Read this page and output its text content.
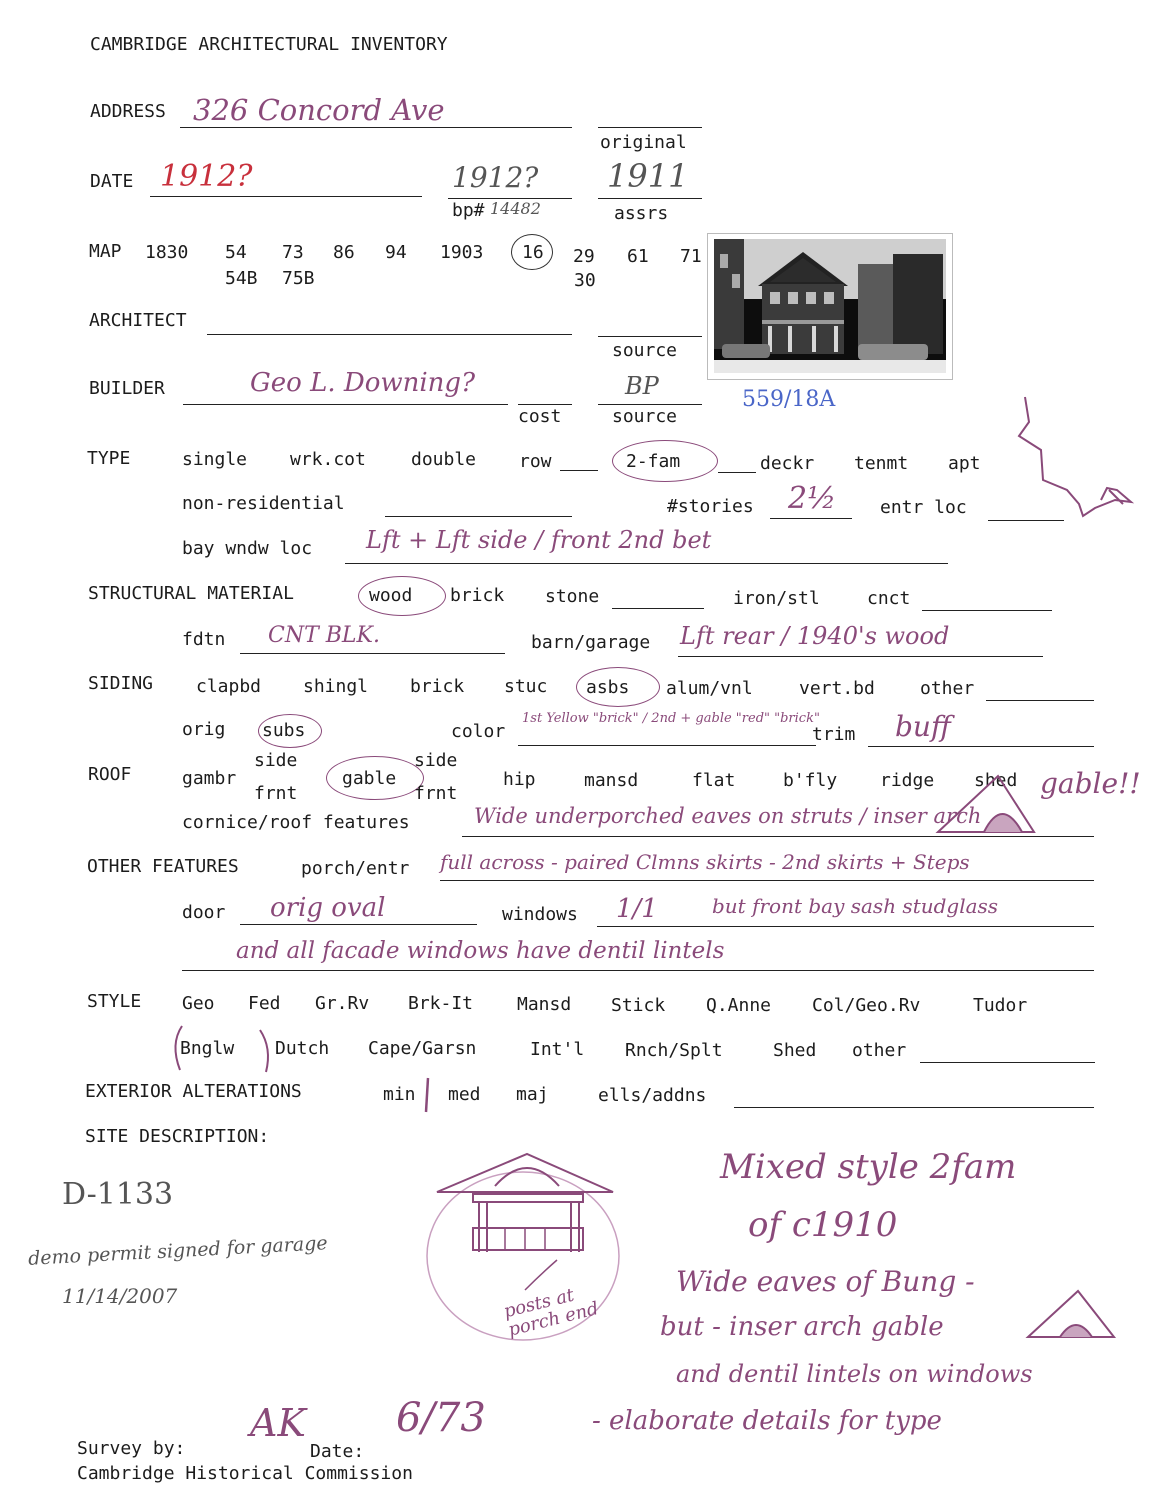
CAMBRIDGE ARCHITECTURAL INVENTORY
ADDRESS 326 Concord Ave
original
DATE 1912?	1912?
bp# 14482
1911
assrs
MAP 1830 54 73 86 94 1903 16 29 61 71
54B 75B	30
559/18A
ARCHITECT
source
BUILDER	Geo L. Downing?
cost
BP
source
TYPE	single wrk.cot	double row	2-fam	deckr tenmt apt
non-residential	#stories 2½ entr loc
bay wndw loc Lft + Lft side / front 2nd bet
STRUCTURAL MATERIAL	wood brick stone	iron/stl	cnct
fdtn CNT BLK.	barn/garage Lft rear / 1940's wood
SIDING clapbd shingl brick stuc asbs alum/vnl	vert.bd	other
orig subs	color
1st Yellow "brick" / 2nd + gable "red" "brick"
trim buff
ROOF	gambr
side
frnt
gable
side
frnt
hip	mansd	flat	b'fly ridge shed
cornice/roof features	Wide underporched eaves on struts / inser arch
gable!!
OTHER FEATURES	porch/entr full across - paired Clmns skirts - 2nd skirts + Steps
door orig oval	windows 1/1	but front bay sash studglass
and all facade windows have dentil lintels
STYLE Geo Fed Gr.Rv Brk-It Mansd Stick Q.Anne Col/Geo.Rv	Tudor
Bnglw Dutch Cape/Garsn	Int'l Rnch/Splt	Shed other
EXTERIOR ALTERATIONS	min med maj	ells/addns
SITE DESCRIPTION:
D-1133
demo permit signed for garage
11/14/2007	posts at porch end
Mixed style 2fam
of c1910
Wide eaves of Bung -
but - inser arch gable
and dentil lintels on windows
- elaborate details for type
Survey by:
AK
Date:
6/73
Cambridge Historical Commission
